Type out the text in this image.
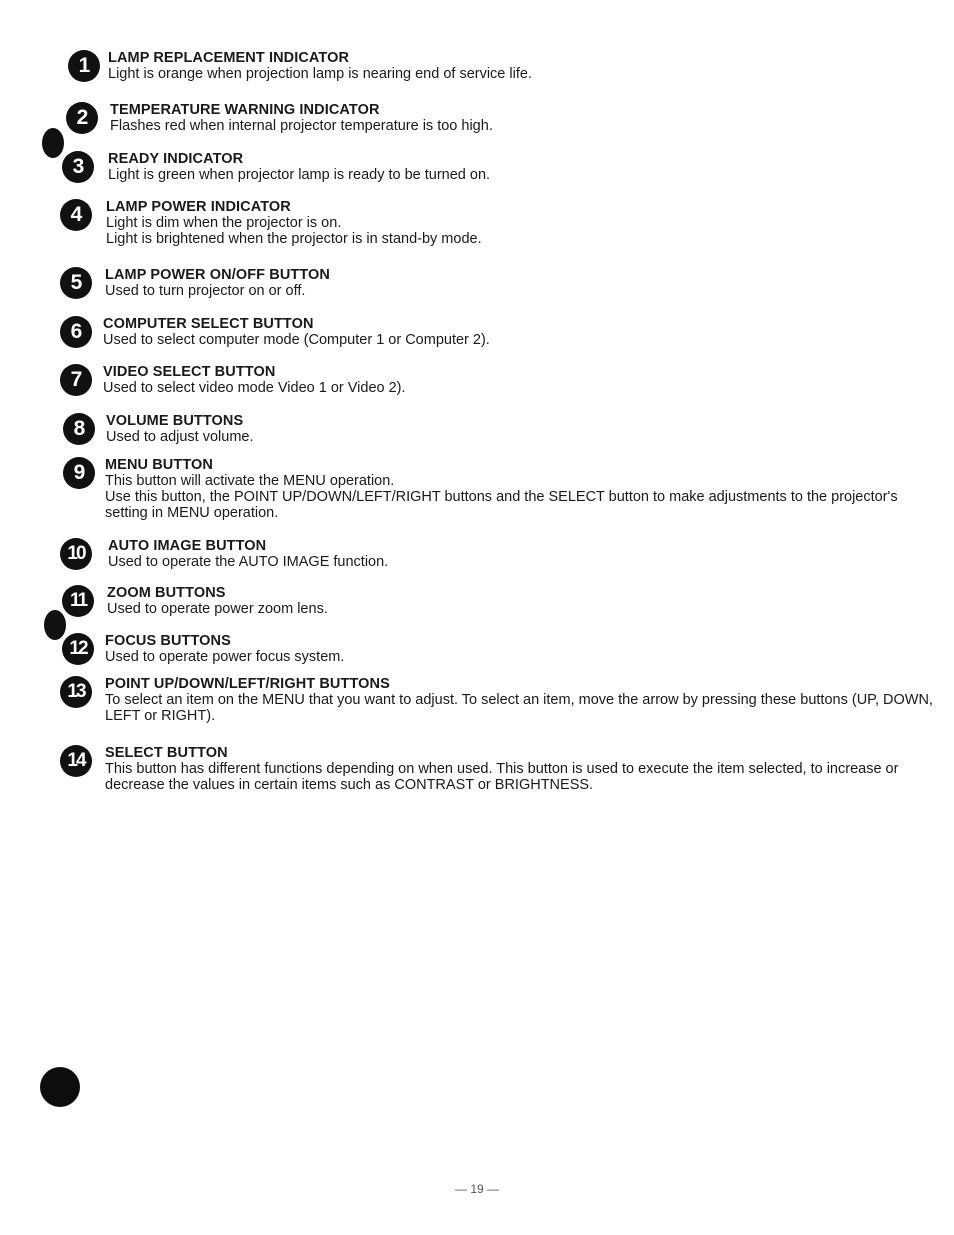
1	LAMP REPLACEMENT INDICATOR
Light is orange when projection lamp is nearing end of service life.
2	TEMPERATURE WARNING INDICATOR
Flashes red when internal projector temperature is too high.
3	READY INDICATOR
Light is green when projector lamp is ready to be turned on.
4	LAMP POWER INDICATOR
Light is dim when the projector is on.
Light is brightened when the projector is in stand-by mode.
5	LAMP POWER ON/OFF BUTTON
Used to turn projector on or off.
6	COMPUTER SELECT BUTTON
Used to select computer mode (Computer 1 or Computer 2).
7	VIDEO SELECT BUTTON
Used to select video mode Video 1 or Video 2).
8	VOLUME BUTTONS
Used to adjust volume.
9	MENU BUTTON
This button will activate the MENU operation.
Use this button, the POINT UP/DOWN/LEFT/RIGHT buttons and the SELECT button to make adjustments to the projector's setting in MENU operation.
10	AUTO IMAGE BUTTON
Used to operate the AUTO IMAGE function.
11	ZOOM BUTTONS
Used to operate power zoom lens.
12	FOCUS BUTTONS
Used to operate power focus system.
13	POINT UP/DOWN/LEFT/RIGHT BUTTONS
To select an item on the MENU that you want to adjust. To select an item, move the arrow by pressing these buttons (UP, DOWN, LEFT or RIGHT).
14	SELECT BUTTON
This button has different functions depending on when used. This button is used to execute the item selected, to increase or decrease the values in certain items such as CONTRAST or BRIGHTNESS.
— 19 —
